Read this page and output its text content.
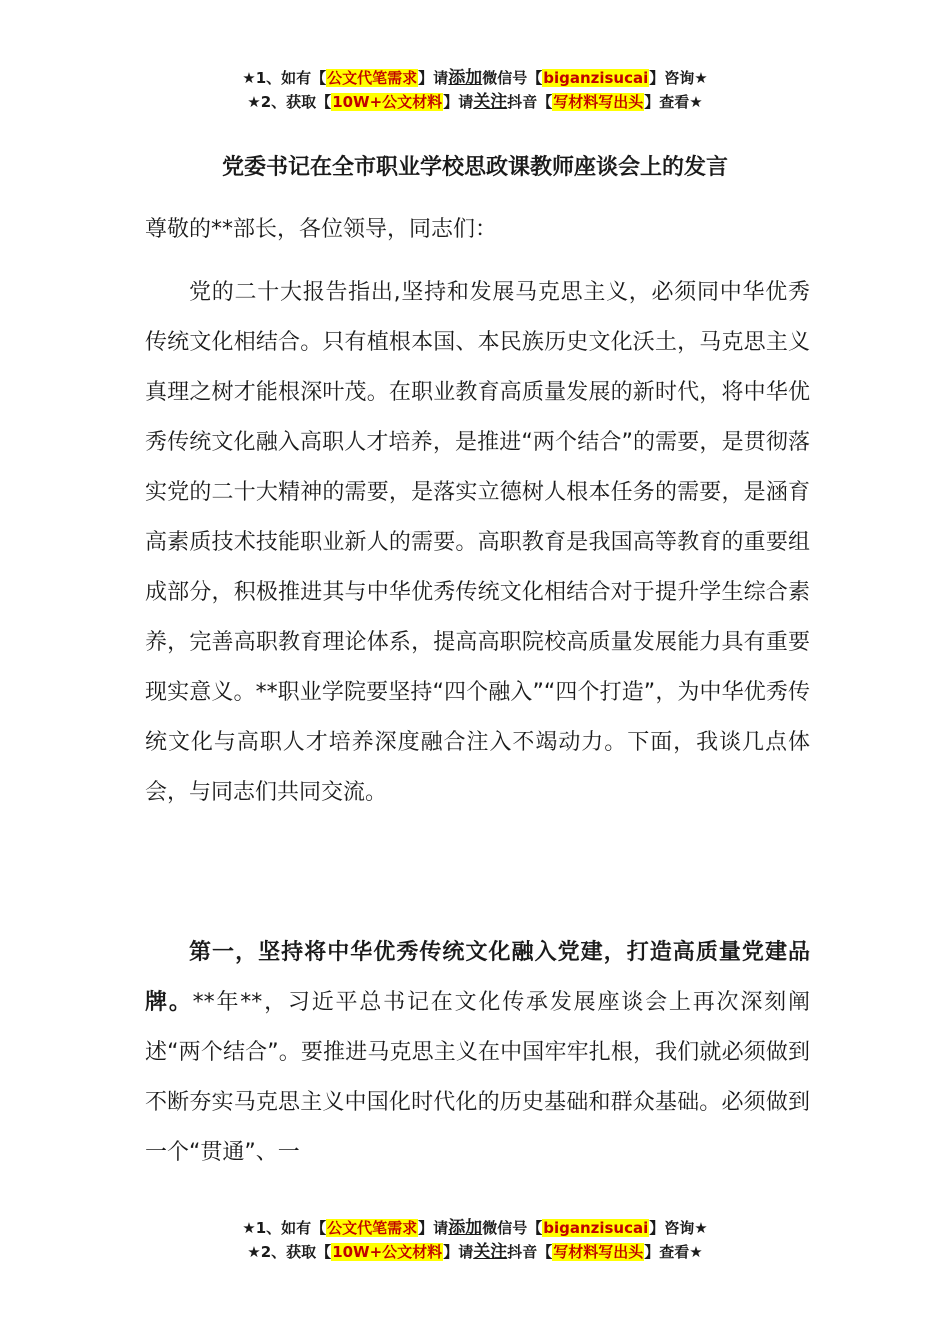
★1、如有【公文代笔需求】请添加微信号【biganzisucai】咨询★
★2、获取【10W+公文材料】请关注抖音【写材料写出头】查看★
党委书记在全市职业学校思政课教师座谈会上的发言
尊敬的**部长，各位领导，同志们：
党的二十大报告指出,坚持和发展马克思主义，必须同中华优秀传统文化相结合。只有植根本国、本民族历史文化沃土，马克思主义真理之树才能根深叶茂。在职业教育高质量发展的新时代，将中华优秀传统文化融入高职人才培养，是推进“两个结合”的需要，是贯彻落实党的二十大精神的需要，是落实立德树人根本任务的需要，是涵育高素质技术技能职业新人的需要。高职教育是我国高等教育的重要组成部分，积极推进其与中华优秀传统文化相结合对于提升学生综合素养，完善高职教育理论体系，提高高职院校高质量发展能力具有重要现实意义。**职业学院要坚持“四个融入”“四个打造”，为中华优秀传统文化与高职人才培养深度融合注入不竭动力。下面，我谈几点体会，与同志们共同交流。
第一，坚持将中华优秀传统文化融入党建，打造高质量党建品牌。**年**，习近平总书记在文化传承发展座谈会上再次深刻阐述“两个结合”。要推进马克思主义在中国牢牢扎根，我们就必须做到不断夯实马克思主义中国化时代化的历史基础和群众基础。必须做到一个“贯通”、一
★1、如有【公文代笔需求】请添加微信号【biganzisucai】咨询★
★2、获取【10W+公文材料】请关注抖音【写材料写出头】查看★
